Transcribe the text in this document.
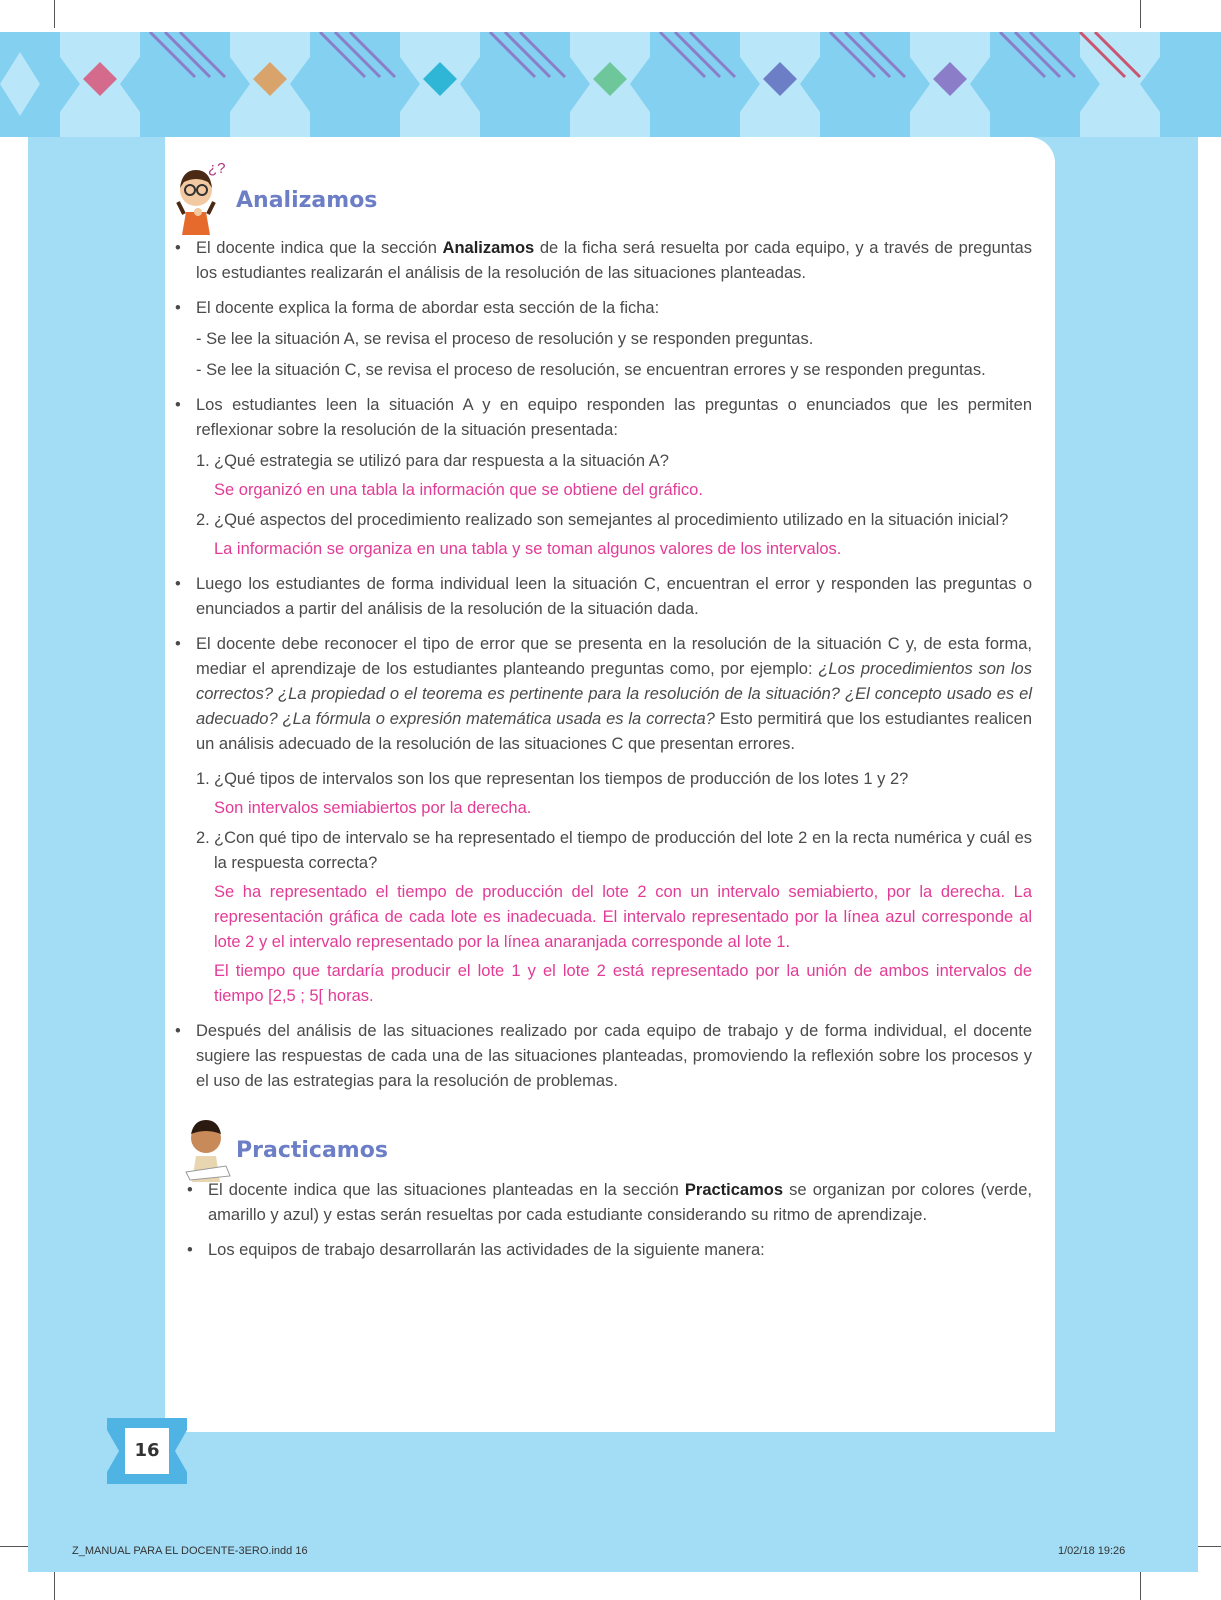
¿?
Analizamos

• El docente indica que la sección Analizamos de la ficha será resuelta por cada equipo, y a través de preguntas los estudiantes realizarán el análisis de la resolución de las situaciones planteadas.

• El docente explica la forma de abordar esta sección de la ficha:

- Se lee la situación A, se revisa el proceso de resolución y se responden preguntas.

- Se lee la situación C, se revisa el proceso de resolución, se encuentran errores y se responden preguntas.

• Los estudiantes leen la situación A y en equipo responden las preguntas o enunciados que les permiten reflexionar sobre la resolución de la situación presentada:

1. ¿Qué estrategia se utilizó para dar respuesta a la situación A?

Se organizó en una tabla la información que se obtiene del gráfico.

2. ¿Qué aspectos del procedimiento realizado son semejantes al procedimiento utilizado en la situación inicial?

La información se organiza en una tabla y se toman algunos valores de los intervalos.

• Luego los estudiantes de forma individual leen la situación C, encuentran el error y responden las preguntas o enunciados a partir del análisis de la resolución de la situación dada.

• El docente debe reconocer el tipo de error que se presenta en la resolución de la situación C y, de esta forma, mediar el aprendizaje de los estudiantes planteando preguntas como, por ejemplo: ¿Los procedimientos son los correctos? ¿La propiedad o el teorema es pertinente para la resolución de la situación? ¿El concepto usado es el adecuado? ¿La fórmula o expresión matemática usada es la correcta? Esto permitirá que los estudiantes realicen un análisis adecuado de la resolución de las situaciones C que presentan errores.

1. ¿Qué tipos de intervalos son los que representan los tiempos de producción de los lotes 1 y 2?

Son intervalos semiabiertos por la derecha.

2. ¿Con qué tipo de intervalo se ha representado el tiempo de producción del lote 2 en la recta numérica y cuál es la respuesta correcta?

Se ha representado el tiempo de producción del lote 2 con un intervalo semiabierto, por la derecha. La representación gráfica de cada lote es inadecuada. El intervalo representado por la línea azul corresponde al lote 2 y el intervalo representado por la línea anaranjada corresponde al lote 1.

El tiempo que tardaría producir el lote 1 y el lote 2 está representado por la unión de ambos intervalos de tiempo [2,5 ; 5[ horas.

• Después del análisis de las situaciones realizado por cada equipo de trabajo y de forma individual, el docente sugiere las respuestas de cada una de las situaciones planteadas, promoviendo la reflexión sobre los procesos y el uso de las estrategias para la resolución de problemas.

Practicamos

• El docente indica que las situaciones planteadas en la sección Practicamos se organizan por colores (verde, amarillo y azul) y estas serán resueltas por cada estudiante considerando su ritmo de aprendizaje.

• Los equipos de trabajo desarrollarán las actividades de la siguiente manera:

16
Z_MANUAL PARA EL DOCENTE-3ERO.indd 16	1/02/18 19:26
